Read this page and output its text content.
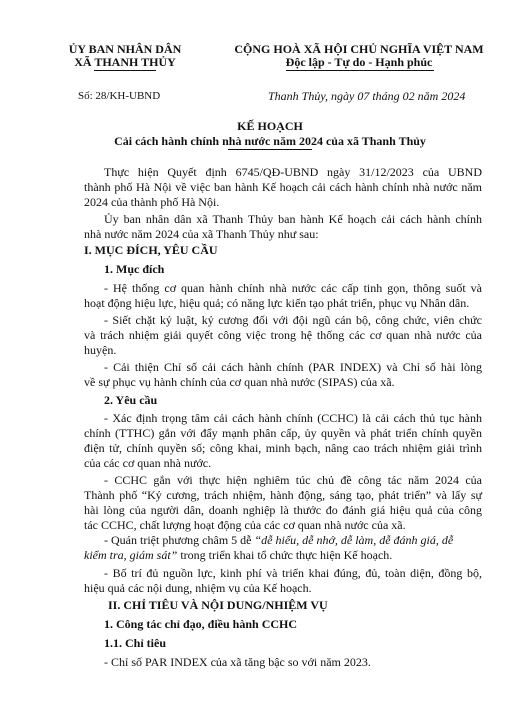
ỦY BAN NHÂN DÂN
XÃ THANH THỦY
CỘNG HOÀ XÃ HỘI CHỦ NGHĨA VIỆT NAM
Độc lập - Tự do - Hạnh phúc
Số: 28/KH-UBND	Thanh Thủy, ngày 07 tháng 02 năm 2024
KẾ HOẠCH
Cải cách hành chính nhà nước năm 2024 của xã Thanh Thủy
Thực hiện Quyết định 6745/QĐ-UBND ngày 31/12/2023 của UBND
thành phố Hà Nội về việc ban hành Kế hoạch cải cách hành chính nhà nước năm
2024 của thành phố Hà Nội.
Ủy ban nhân dân xã Thanh Thủy ban hành Kế hoạch cải cách hành chính
nhà nước năm 2024 của xã Thanh Thủy như sau:
I. MỤC ĐÍCH, YÊU CẦU
1. Mục đích
- Hệ thống cơ quan hành chính nhà nước các cấp tinh gọn, thông suốt và
hoạt động hiệu lực, hiệu quả; có năng lực kiến tạo phát triển, phục vụ Nhân dân.
- Siết chặt kỷ luật, kỷ cương đối với đội ngũ cán bộ, công chức, viên chức
và trách nhiệm giải quyết công việc trong hệ thống các cơ quan nhà nước của
huyện.
- Cải thiện Chỉ số cải cách hành chính (PAR INDEX) và Chỉ số hài lòng
về sự phục vụ hành chính của cơ quan nhà nước (SIPAS) của xã.
2. Yêu cầu
- Xác định trọng tâm cải cách hành chính (CCHC) là cải cách thủ tục hành
chính (TTHC) gắn với đẩy mạnh phân cấp, ủy quyền và phát triển chính quyền
điện tử, chính quyền số; công khai, minh bạch, nâng cao trách nhiệm giải trình
của các cơ quan nhà nước.
- CCHC gắn với thực hiện nghiêm túc chủ đề công tác năm 2024 của
Thành phố “Kỷ cương, trách nhiệm, hành động, sáng tạo, phát triển” và lấy sự
hài lòng của người dân, doanh nghiệp là thước đo đánh giá hiệu quả của công
tác CCHC, chất lượng hoạt động của các cơ quan nhà nước của xã.
- Quán triệt phương châm 5 dễ “dễ hiểu, dễ nhớ, dễ làm, dễ đánh giá, dễ
kiểm tra, giám sát” trong triển khai tổ chức thực hiện Kế hoạch.
- Bố trí đủ nguồn lực, kinh phí và triển khai đúng, đủ, toàn diện, đồng bộ,
hiệu quả các nội dung, nhiệm vụ của Kế hoạch.
II. CHỈ TIÊU VÀ NỘI DUNG/NHIỆM VỤ
1. Công tác chỉ đạo, điều hành CCHC
1.1. Chỉ tiêu
- Chỉ số PAR INDEX của xã tăng bậc so với năm 2023.
